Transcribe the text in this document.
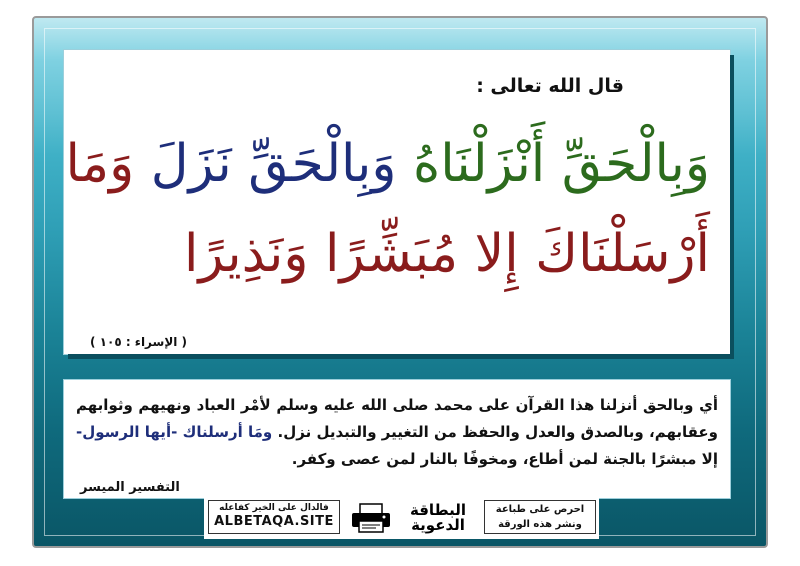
قال الله تعالى :
وَبِالْحَقِّ أَنْزَلْنَاهُ وَبِالْحَقِّ نَزَلَ وَمَا
أَرْسَلْنَاكَ إِلا مُبَشِّرًا وَنَذِيرًا
( الإسراء : ١٠٥ )
أي وبالحق أنزلنا هذا القرآن على محمد صلى الله عليه وسلم لأمْر العباد ونهيهم وثوابهم وعقابهم، وبالصدق والعدل والحفظ من التغيير والتبديل نزل. ومَا أرسلناك -أيها الرسول- إلا مبشرًا بالجنة لمن أطاع، ومخوفًا بالنار لمن عصى وكفر.
التفسير الميسر
فالدال على الخير كفاعله
ALBETAQA.SITE
البطاقة الدعوية
احرص على طباعة
ونشر هذه الورقة
